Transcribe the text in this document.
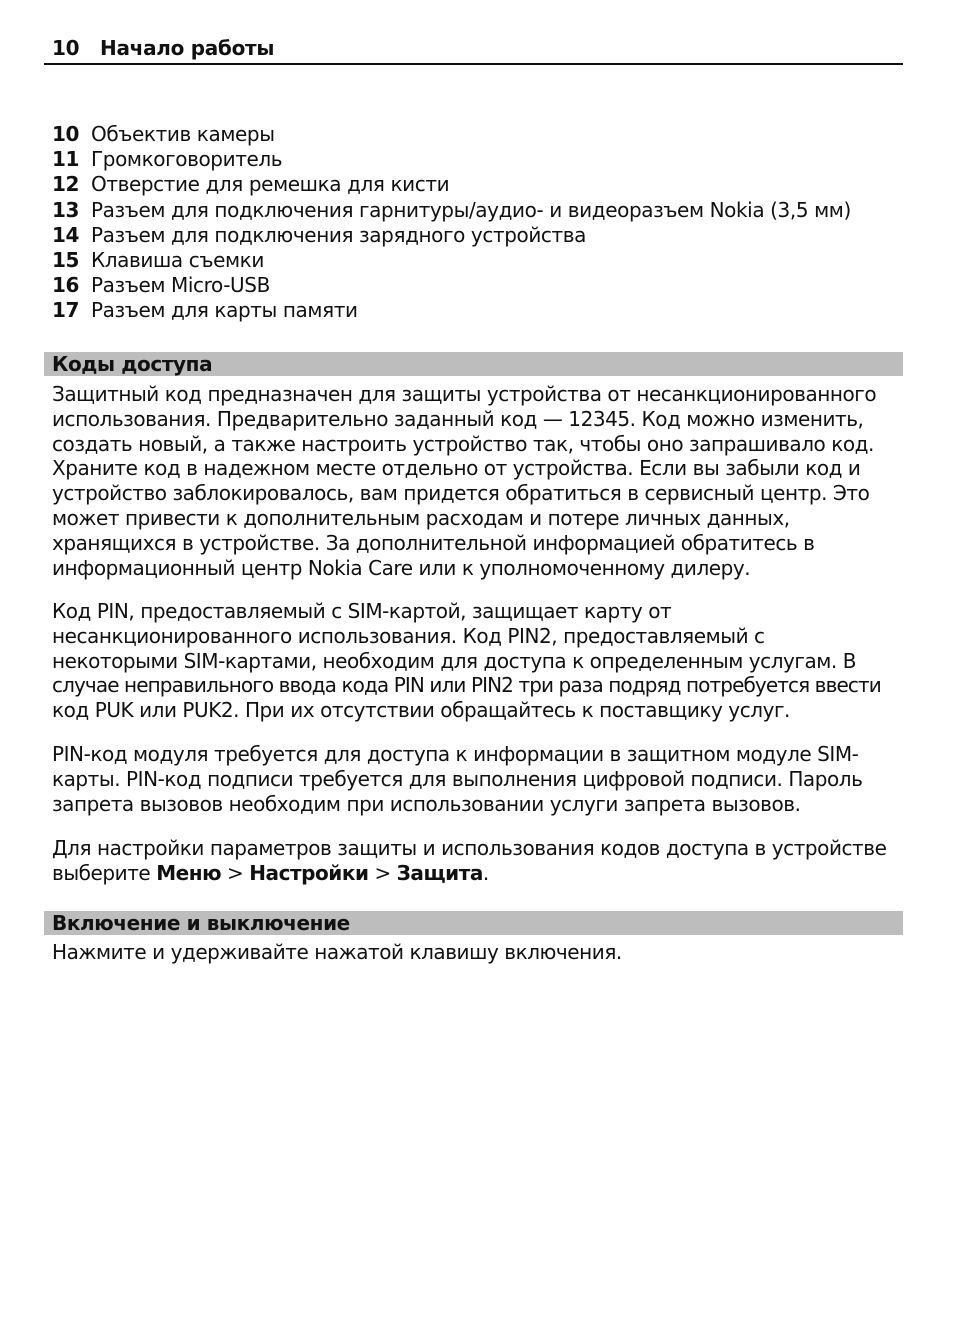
10 Начало работы
10 Объектив камеры
11 Громкоговоритель
12 Отверстие для ремешка для кисти
13 Разъем для подключения гарнитуры/аудио- и видеоразъем Nokia (3,5 мм)
14 Разъем для подключения зарядного устройства
15 Клавиша съемки
16 Разъем Micro-USB
17 Разъем для карты памяти
Коды доступа

Защитный код предназначен для защиты устройства от несанкционированного
использования. Предварительно заданный код — 12345. Код можно изменить,
создать новый, а также настроить устройство так, чтобы оно запрашивало код.
Храните код в надежном месте отдельно от устройства. Если вы забыли код и
устройство заблокировалось, вам придется обратиться в сервисный центр. Это
может привести к дополнительным расходам и потере личных данных,
хранящихся в устройстве. За дополнительной информацией обратитесь в
информационный центр Nokia Care или к уполномоченному дилеру.

Код PIN, предоставляемый с SIM-картой, защищает карту от
несанкционированного использования. Код PIN2, предоставляемый с
некоторыми SIM-картами, необходим для доступа к определенным услугам. В
случае неправильного ввода кода PIN или PIN2 три раза подряд потребуется ввести
код PUK или PUK2. При их отсутствии обращайтесь к поставщику услуг.

PIN-код модуля требуется для доступа к информации в защитном модуле SIM-
карты. PIN-код подписи требуется для выполнения цифровой подписи. Пароль
запрета вызовов необходим при использовании услуги запрета вызовов.

Для настройки параметров защиты и использования кодов доступа в устройстве
выберите Меню > Настройки > Защита.

Включение и выключение

Нажмите и удерживайте нажатой клавишу включения.
